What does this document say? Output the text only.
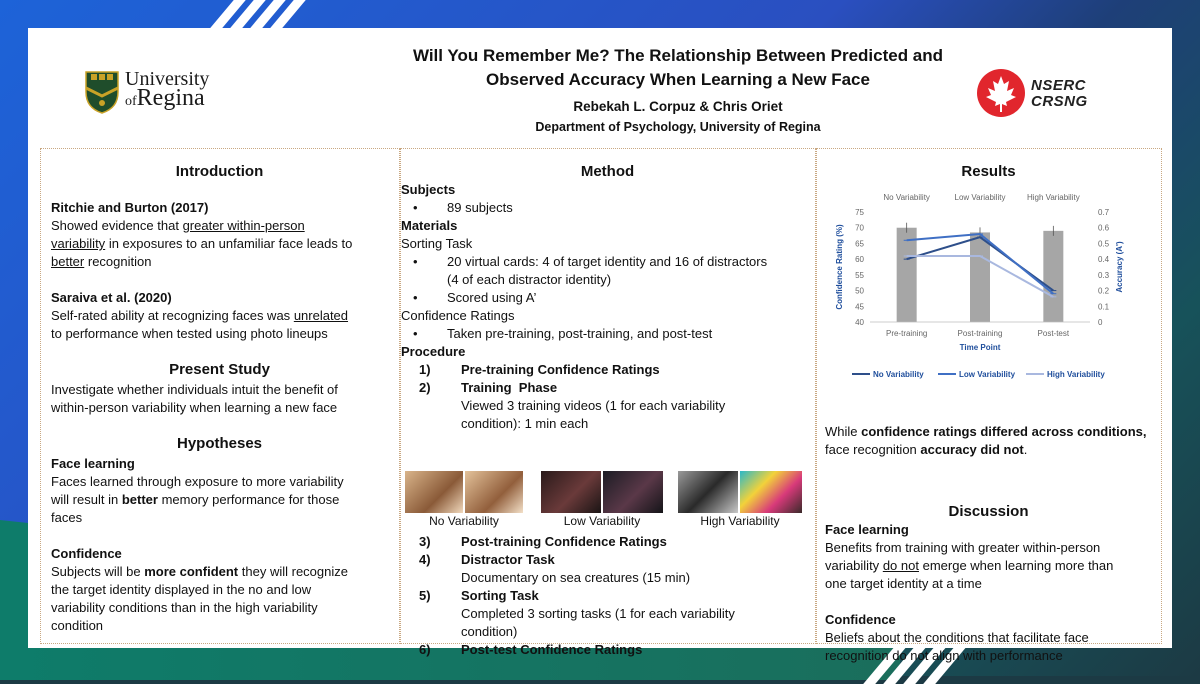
University
ofRegina
Will You Remember Me? The Relationship Between Predicted and
Observed Accuracy When Learning a New Face
Rebekah L. Corpuz & Chris Oriet
Department of Psychology, University of Regina
NSERC
CRSNG
Introduction
Ritchie and Burton (2017)
Showed evidence that greater within-person
variability in exposures to an unfamiliar face leads to
better recognition
Saraiva et al. (2020)
Self-rated ability at recognizing faces was unrelated
to performance when tested using photo lineups
Present Study
Investigate whether individuals intuit the benefit of
within-person variability when learning a new face
Hypotheses
Face learning
Faces learned through exposure to more variability
will result in better memory performance for those
faces
Confidence
Subjects will be more confident they will recognize
the target identity displayed in the no and low
variability conditions than in the high variability
condition
Method
Subjects
• 89 subjects
Materials
Sorting Task
• 20 virtual cards: 4 of target identity and 16 of distractors
(4 of each distractor identity)
• Scored using A’
Confidence Ratings
• Taken pre-training, post-training, and post-test
Procedure
1) Pre-training Confidence Ratings
2) Training  Phase
Viewed 3 training videos (1 for each variability
condition): 1 min each
No Variability	Low Variability	High Variability
3) Post-training Confidence Ratings
4) Distractor Task
Documentary on sea creatures (15 min)
5) Sorting Task
Completed 3 sorting tasks (1 for each variability
condition)
6) Post-test Confidence Ratings
Results
While confidence ratings differed across conditions,
face recognition accuracy did not.
Discussion
Face learning
Benefits from training with greater within-person
variability do not emerge when learning more than
one target identity at a time
Confidence
Beliefs about the conditions that facilitate face
recognition do not align with performance
No Variability	Low Variability	High Variability
40
45
50
55
60
65
70
75
0
0.1
0.2
0.3
0.4
0.5
0.6
0.7
Pre-training	Post-training	Post-test
Time Point
Confidence Rating (%)	Accuracy (A')
No Variability	Low Variability	High Variability
